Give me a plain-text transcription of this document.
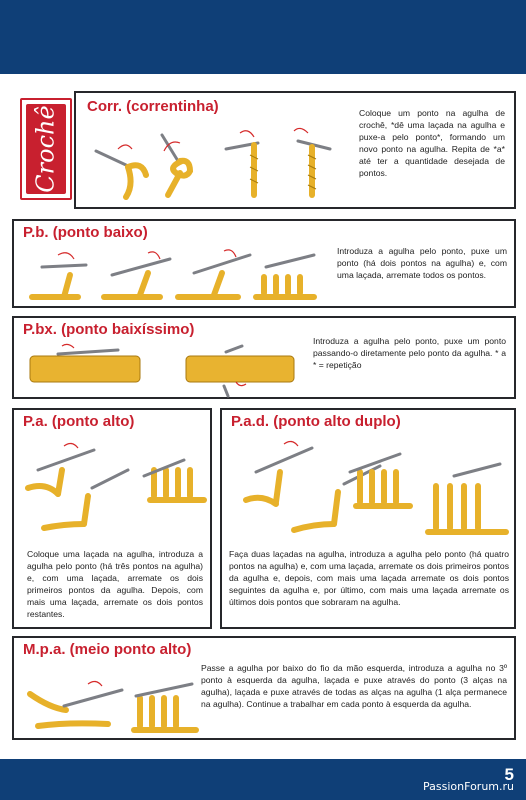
Crochê Corr. (correntinha)	Coloque um ponto na agulha de crochê, *dê uma laçada na agulha e puxe-a pelo ponto*, formando um novo ponto na agulha. Repita de *a* até ter a quantidade desejada de pontos.
P.b. (ponto baixo)
Introduza a agulha pelo ponto, puxe um ponto (há dois pontos na agulha) e, com uma laçada, arremate todos os pontos.
P.bx. (ponto baixíssimo)
Introduza a agulha pelo ponto, puxe um ponto passando-o diretamente pelo ponto da agulha. * a * = repetição
P.a. (ponto alto)
Coloque uma laçada na agulha, introduza a agulha pelo ponto (há três pontos na agulha) e, com uma laçada, arremate os dois primeiros pontos da agulha. Depois, com mais uma laçada, arremate os dois pontos restantes.
P.a.d. (ponto alto duplo)
Faça duas laçadas na agulha, introduza a agulha pelo ponto (há quatro pontos na agulha) e, com uma laçada, arremate os dois primeiros pontos da agulha e, depois, com mais uma laçada arremate os dois pontos seguintes da agulha e, por último, com mais uma laçada arremate os últimos dois pontos que sobraram na agulha.
M.p.a. (meio ponto alto)
Passe a agulha por baixo do fio da mão esquerda, introduza a agulha no 3º ponto à esquerda da agulha, laçada e puxe através do ponto (3 alças na agulha), laçada e puxe através de todas as alças na agulha (1 alça permanece na agulha). Continue a trabalhar em cada ponto à esquerda da agulha.
5
PassionForum.ru
